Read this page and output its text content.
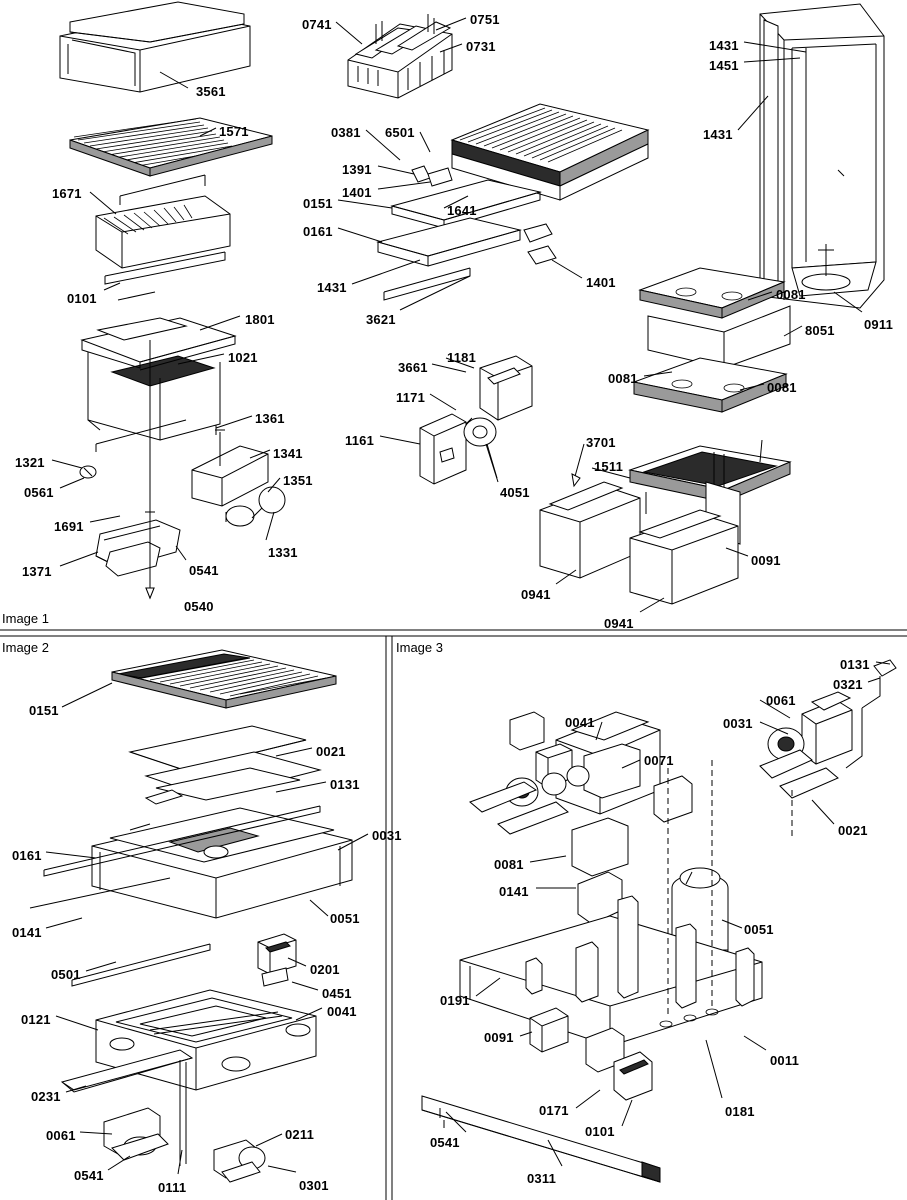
Image 1
Image 2	Image 3
3561
1571
1671
0101
1801
1021
1361
1341
1351
1321
0561
1691
1371	0541
0540
1331
0741	0751
0731
0381 6501
1391
1401
0151	1641
0161
1401
1431
3621
3661
1181
1171
1161
4051
1431
1451
1431
0911
0081
8051
0081
0081
3701
1511
0091
0941
0941
0151
0021
0131
0031
0161
0051
0141
0201
0451
0501
0041
0121
0231
0061
0541
0111
0211
0301
0131
0321
0061
0031
0041
0071
0021
0081
0141
0051
0191
0091
0011
0171
0101
0181
0541
0311
